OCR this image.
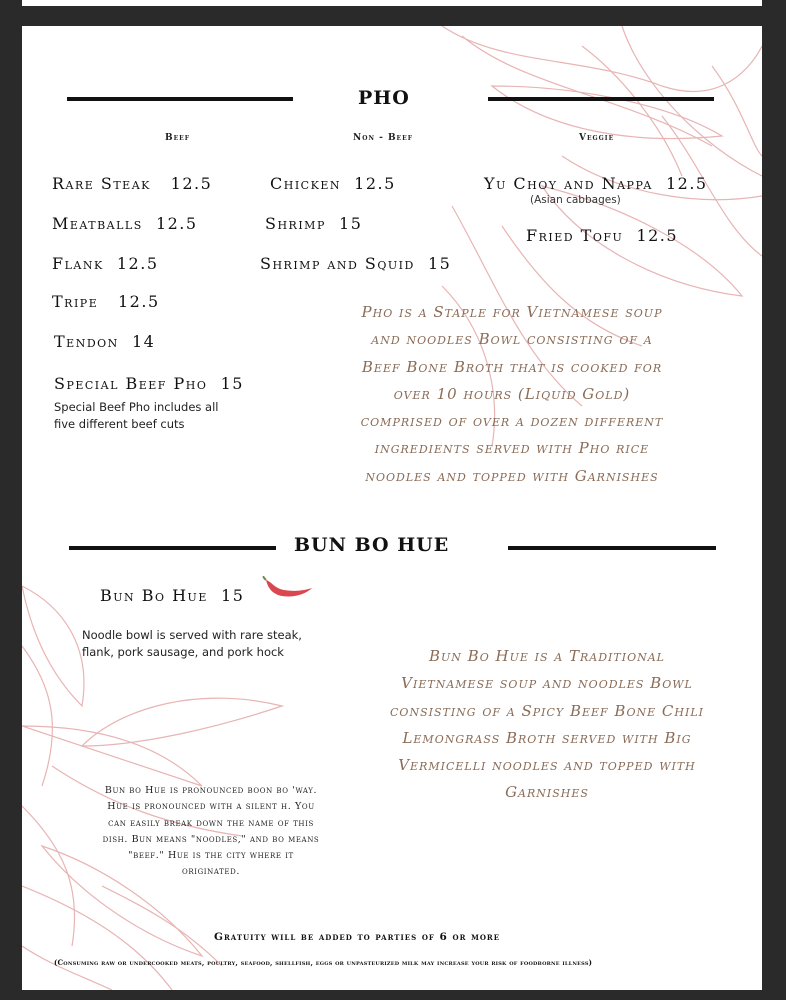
PHO
Beef	Non - Beef	Veggie
Rare Steak 12.5
Meatballs 12.5
Flank 12.5
Tripe 12.5
Tendon 14
Special Beef Pho 15
Special Beef Pho includes all
five different beef cuts
Chicken 12.5
Shrimp 15
Shrimp and Squid 15
Yu Choy and Nappa 12.5
(Asian cabbages)
Fried Tofu 12.5
Pho is a Staple for Vietnamese soup
and noodles Bowl consisting of a
Beef Bone Broth that is cooked for
over 10 hours (Liquid Gold)
comprised of over a dozen different
ingredients served with Pho rice
noodles and topped with Garnishes
BUN BO HUE
Bun Bo Hue 15
Noodle bowl is served with rare steak,
flank, pork sausage, and pork hock	Bun Bo Hue is a Traditional
Vietnamese soup and noodles Bowl
consisting of a Spicy Beef Bone Chili
Lemongrass Broth served with Big
Vermicelli noodles and topped with
Garnishes
Bun bo Hue is pronounced boon bo 'way.
Hue is pronounced with a silent h. You
can easily break down the name of this
dish. Bun means "noodles," and bo means
"beef." Hue is the city where it
originated.
Gratuity will be added to parties of 6 or more
(Consuming raw or undercooked meats, poultry, seafood, shellfish, eggs or unpasteurized milk may increase your risk of foodborne illness)
